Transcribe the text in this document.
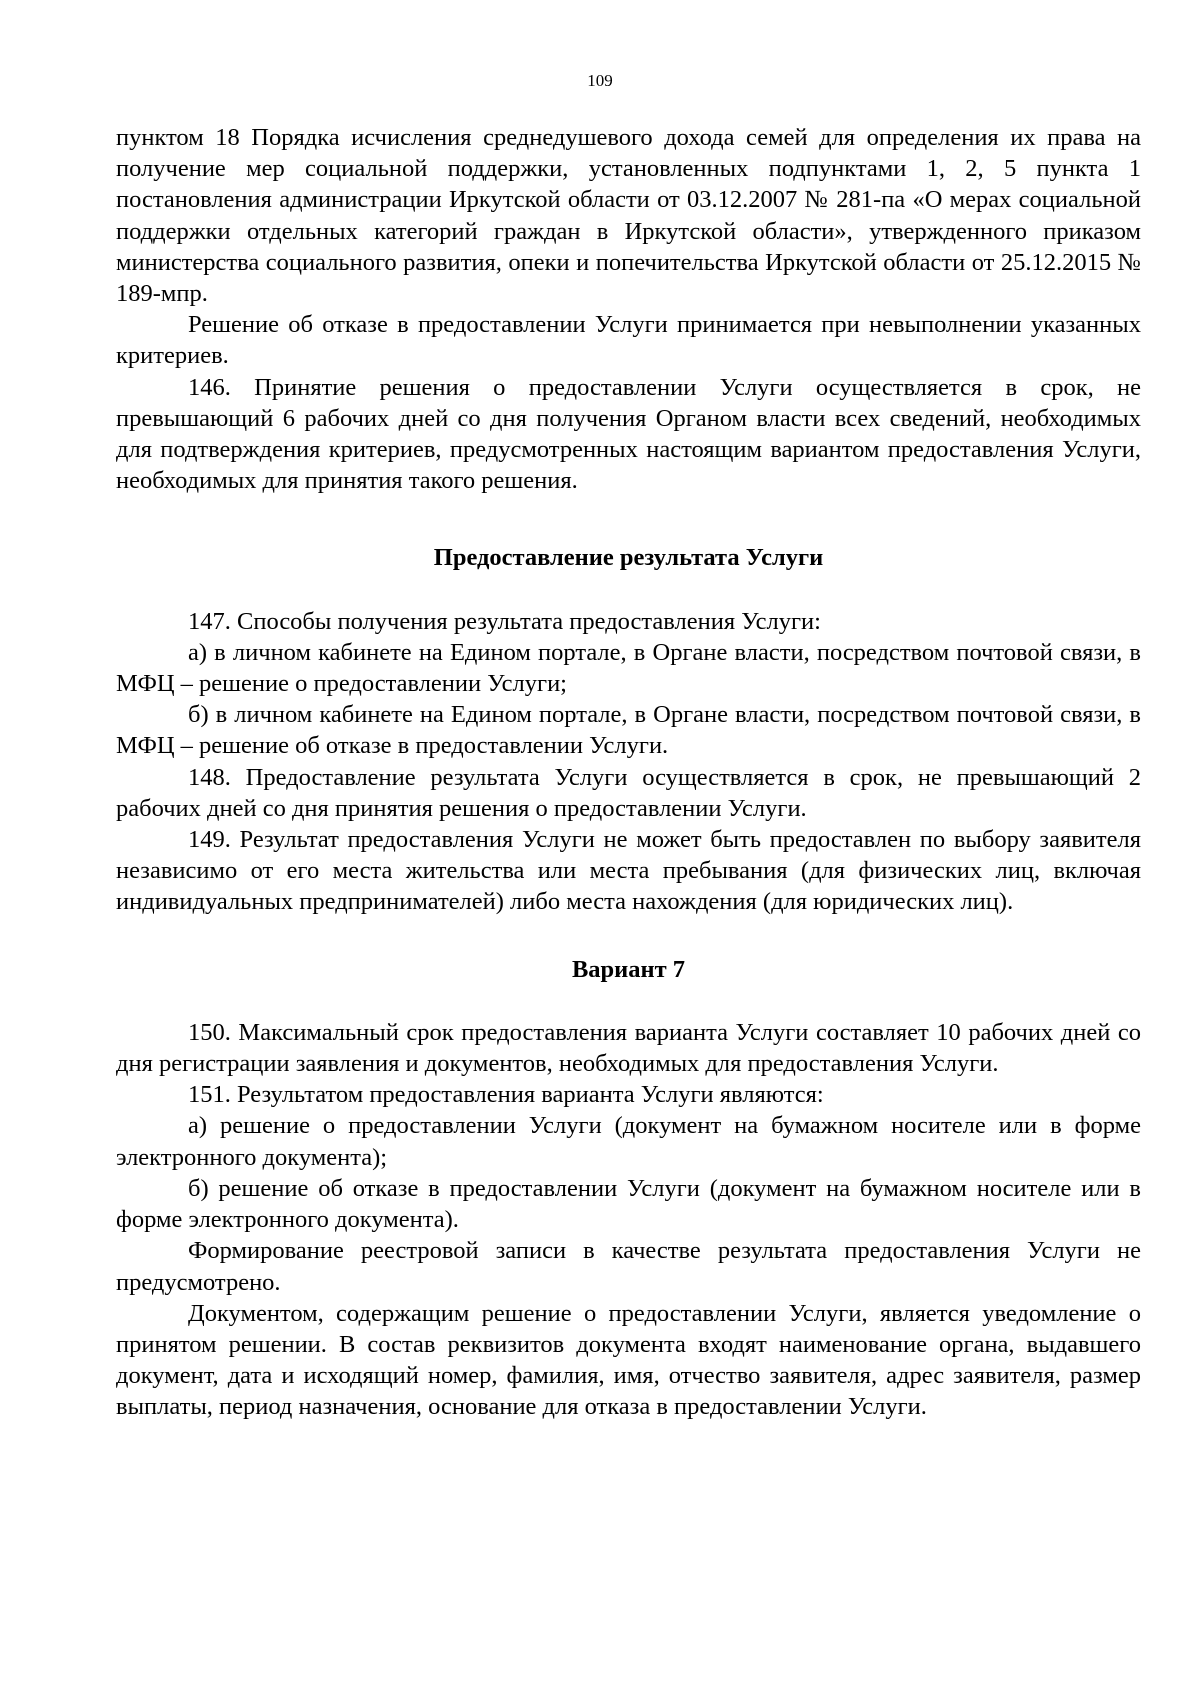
109

пунктом 18 Порядка исчисления среднедушевого дохода семей для определения их права на получение мер социальной поддержки, установленных подпунктами 1, 2, 5 пункта 1 постановления администрации Иркутской области от 03.12.2007 № 281-па «О мерах социальной поддержки отдельных категорий граждан в Иркутской области», утвержденного приказом министерства социального развития, опеки и попечительства Иркутской области от 25.12.2015 № 189-мпр.

Решение об отказе в предоставлении Услуги принимается при невыполнении указанных критериев.

146. Принятие решения о предоставлении Услуги осуществляется в срок, не превышающий 6 рабочих дней со дня получения Органом власти всех сведений, необходимых для подтверждения критериев, предусмотренных настоящим вариантом предоставления Услуги, необходимых для принятия такого решения.

Предоставление результата Услуги

147. Способы получения результата предоставления Услуги:

а) в личном кабинете на Едином портале, в Органе власти, посредством почтовой связи, в МФЦ – решение о предоставлении Услуги;

б) в личном кабинете на Едином портале, в Органе власти, посредством почтовой связи, в МФЦ – решение об отказе в предоставлении Услуги.

148. Предоставление результата Услуги осуществляется в срок, не превышающий 2 рабочих дней со дня принятия решения о предоставлении Услуги.

149. Результат предоставления Услуги не может быть предоставлен по выбору заявителя независимо от его места жительства или места пребывания (для физических лиц, включая индивидуальных предпринимателей) либо места нахождения (для юридических лиц).

Вариант 7

150. Максимальный срок предоставления варианта Услуги составляет 10 рабочих дней со дня регистрации заявления и документов, необходимых для предоставления Услуги.

151. Результатом предоставления варианта Услуги являются:

а) решение о предоставлении Услуги (документ на бумажном носителе или в форме электронного документа);

б) решение об отказе в предоставлении Услуги (документ на бумажном носителе или в форме электронного документа).

Формирование реестровой записи в качестве результата предоставления Услуги не предусмотрено.

Документом, содержащим решение о предоставлении Услуги, является уведомление о принятом решении. В состав реквизитов документа входят наименование органа, выдавшего документ, дата и исходящий номер, фамилия, имя, отчество заявителя, адрес заявителя, размер выплаты, период назначения, основание для отказа в предоставлении Услуги.
